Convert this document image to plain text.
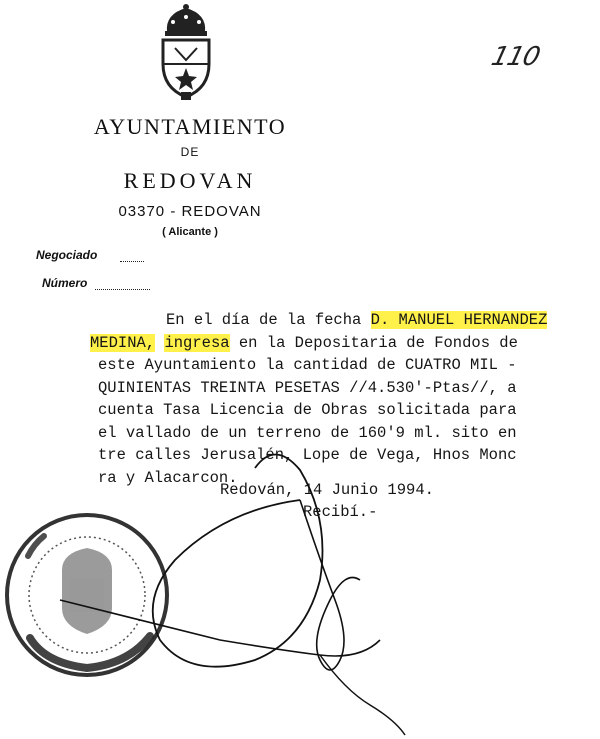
110
AYUNTAMIENTO
DE
REDOVAN
03370 - REDOVAN
( Alicante )
Negociado
Número
En el día de la fecha D. MANUEL HERNANDEZ
MEDINA, ingresa en la Depositaria de Fondos de
este Ayuntamiento la cantidad de CUATRO MIL -
QUINIENTAS TREINTA PESETAS //4.530'-Ptas//, a
cuenta Tasa Licencia de Obras solicitada para
el vallado de un terreno de 160'9 ml. sito en
tre calles Jerusalén, Lope de Vega, Hnos Monc
ra y Alacarcon.
Redován, 14 Junio 1994.
Recibí.-
